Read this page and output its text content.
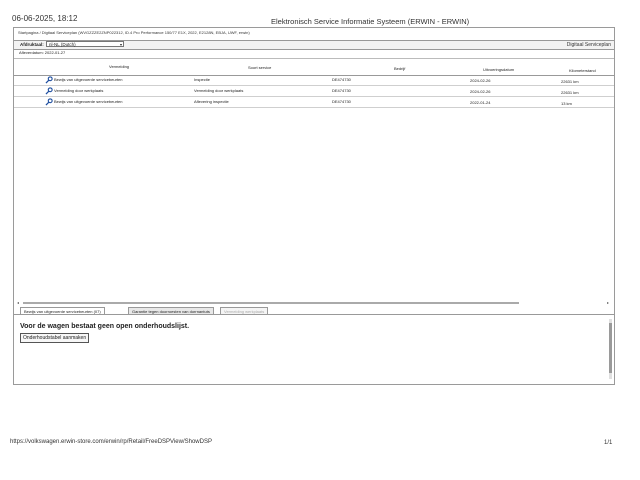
06-06-2025, 18:12	Elektronisch Service Informatie Systeem (ERWIN - ERWIN)
Startpagina / Digitaal Serviceplan (WVGZZZE2ZNP022312, ID.4 Pro Performance 150/77 E1X, 2022, E2128N, EBJA, UWF, erwin)
Afdruktaal:	nl-NL (Dutch)	▾	Digitaal Serviceplan
Afleverdatum: 2022-01-27
Vermelding	Soort service	Bedrijf	Uitvoeringsdatum	Kilometerstand
Bewijs van uitgevoerde servicebeurten	Inspectie	DE474730	2024-02-26	22631 km
Vermelding door werkplaats	Vermelding door werkplaats	DE474730	2024-02-26	22631 km
Bewijs van uitgevoerde servicebeurten	Aflevering inspectie	DE474730	2022-01-24	13 km
◂	▸
Bewijs van uitgevoerde servicebeurten (07)	Garantie tegen doorroesten van dorrnantuts	Vermelding werkplaats
Voor de wagen bestaat geen open onderhoudslijst.
Onderhoudstabel aanmaken
https://volkswagen.erwin-store.com/erwin/rp/Retail/FreeDSPView/ShowDSP	1/1
